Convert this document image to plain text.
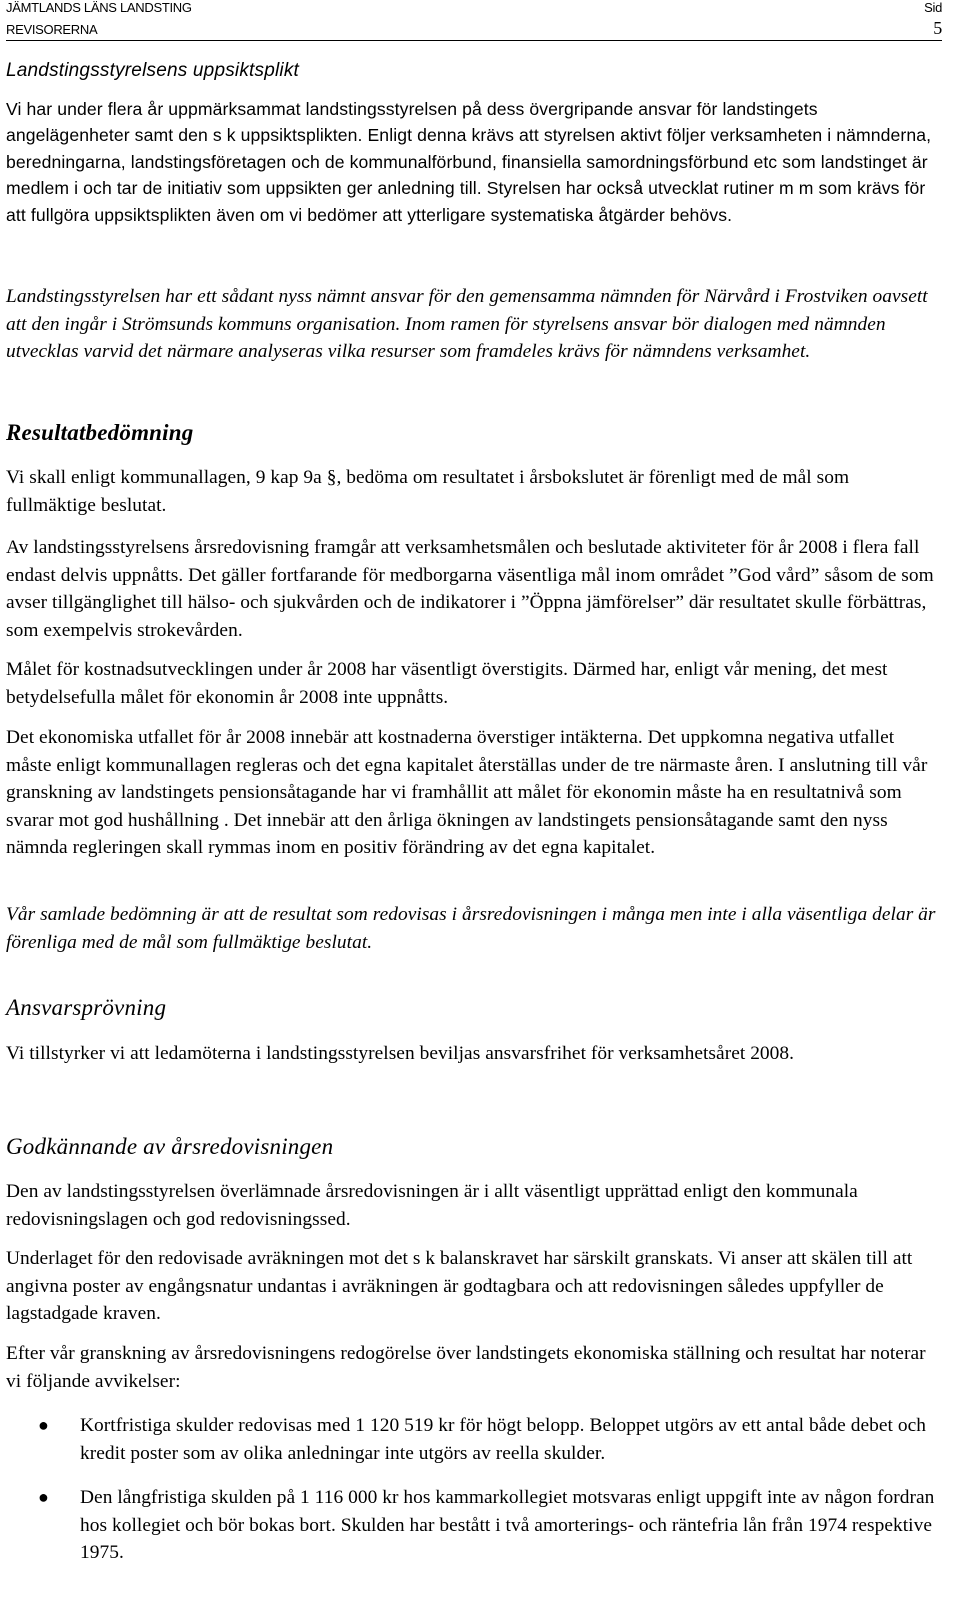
JÄMTLANDS LÄNS LANDSTING
REVISORERNA
Sid
5
Landstingsstyrelsens uppsiktsplikt

Vi har under flera år uppmärksammat landstingsstyrelsen på dess övergripande ansvar för landstingets angelägenheter samt den s k uppsiktsplikten. Enligt denna krävs att styrelsen aktivt följer verksamheten i nämnderna, beredningarna, landstingsföretagen och de kommunalförbund, finansiella samordningsförbund etc som landstinget är medlem i och tar de initiativ som uppsikten ger anledning till. Styrelsen har också utvecklat rutiner m m som krävs för att fullgöra uppsiktsplikten även om vi bedömer att ytterligare systematiska åtgärder behövs.

Landstingsstyrelsen har ett sådant nyss nämnt ansvar för den gemensamma nämnden för Närvård i Frostviken oavsett att den ingår i Strömsunds kommuns organisation. Inom ramen för styrelsens ansvar bör dialogen med nämnden utvecklas varvid det närmare analyseras vilka resurser som framdeles krävs för nämndens verksamhet.

Resultatbedömning

Vi skall enligt kommunallagen, 9 kap 9a §, bedöma om resultatet i årsbokslutet är förenligt med de mål som fullmäktige beslutat.

Av landstingsstyrelsens årsredovisning framgår att verksamhetsmålen och beslutade aktiviteter för år 2008 i flera fall endast delvis uppnåtts. Det gäller fortfarande för medborgarna väsentliga mål inom området ”God vård” såsom de som avser tillgänglighet till hälso- och sjukvården och de indikatorer i ”Öppna jämförelser” där resultatet skulle förbättras, som exempelvis strokevården.

Målet för kostnadsutvecklingen under år 2008 har väsentligt överstigits. Därmed har, enligt vår mening, det mest betydelsefulla målet för ekonomin år 2008 inte uppnåtts.

Det ekonomiska utfallet för år 2008 innebär att kostnaderna överstiger intäkterna. Det uppkomna negativa utfallet måste enligt kommunallagen regleras och det egna kapitalet återställas under de tre närmaste åren. I anslutning till vår granskning av landstingets pensionsåtagande har vi framhållit att målet för ekonomin måste ha en resultatnivå som svarar mot god hushållning . Det innebär att den årliga ökningen av landstingets pensionsåtagande samt den nyss nämnda regleringen skall rymmas inom en positiv förändring av det egna kapitalet.

Vår samlade bedömning är att de resultat som redovisas i årsredovisningen i många men inte i alla väsentliga delar är förenliga med de mål som fullmäktige beslutat.

Ansvarsprövning

Vi tillstyrker vi att ledamöterna i landstingsstyrelsen beviljas ansvarsfrihet för verksamhetsåret 2008.

Godkännande av årsredovisningen

Den av landstingsstyrelsen överlämnade årsredovisningen är i allt väsentligt upprättad enligt den kommunala redovisningslagen och god redovisningssed.

Underlaget för den redovisade avräkningen mot det s k balanskravet har särskilt granskats. Vi anser att skälen till att angivna poster av engångsnatur undantas i avräkningen är godtagbara och att redovisningen således uppfyller de lagstadgade kraven.

Efter vår granskning av årsredovisningens redogörelse över landstingets ekonomiska ställning och resultat har noterar vi följande avvikelser:

● Kortfristiga skulder redovisas med 1 120 519 kr för högt belopp. Beloppet utgörs av ett antal både debet och kredit poster som av olika anledningar inte utgörs av reella skulder.

● Den långfristiga skulden på 1 116 000 kr hos kammarkollegiet motsvaras enligt uppgift inte av någon fordran hos kollegiet och bör bokas bort. Skulden har bestått i två amorterings- och räntefria lån från 1974 respektive 1975.
